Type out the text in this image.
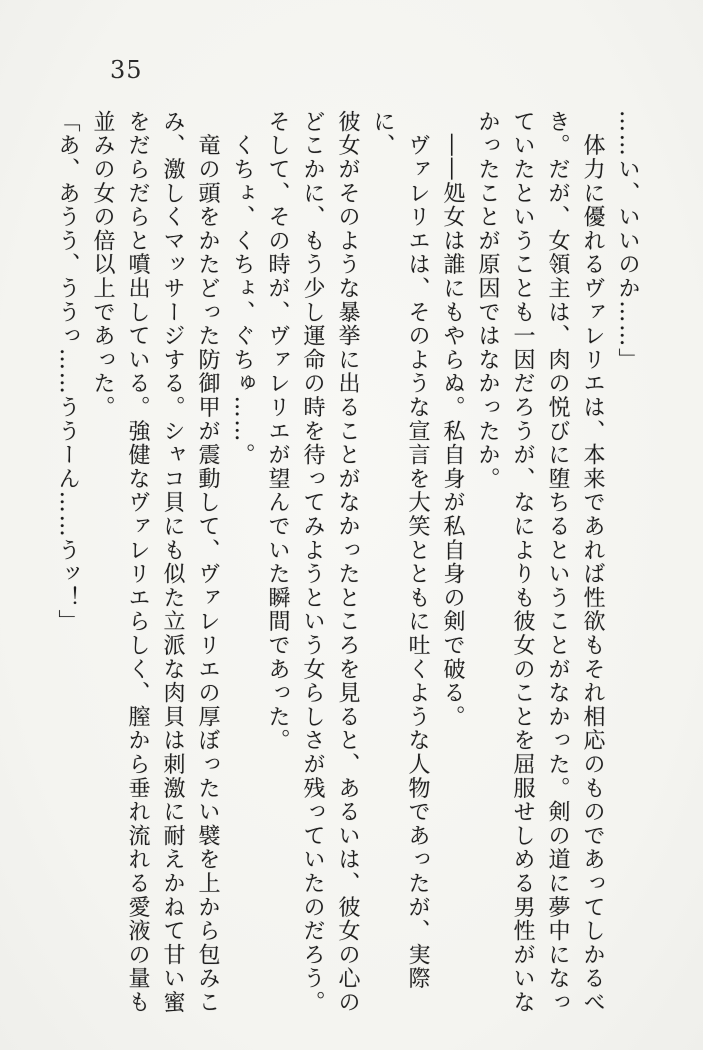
35

……い、いいのか……」

　体力に優れるヴァレリエは、本来であれば性欲もそれ相応のものであってしかるべ

き。だが、女領主は、肉の悦びに堕ちるということがなかった。剣の道に夢中になっ

ていたということも一因だろうが、なによりも彼女のことを屈服せしめる男性がいな

かったことが原因ではなかったか。

　――処女は誰にもやらぬ。私自身が私自身の剣で破る。

　ヴァレリエは、そのような宣言を大笑とともに吐くような人物であったが、実際に、

彼女がそのような暴挙に出ることがなかったところを見ると、あるいは、彼女の心の

どこかに、もう少し運命の時を待ってみようという女らしさが残っていたのだろう。

そして、その時が、ヴァレリエが望んでいた瞬間であった。

　くちょ、くちょ、ぐちゅ……。

　竜の頭をかたどった防御甲が震動して、ヴァレリエの厚ぼったい襞を上から包みこ

み、激しくマッサージする。シャコ貝にも似た立派な肉貝は刺激に耐えかねて甘い蜜

をだらだらと噴出している。強健なヴァレリエらしく、膣から垂れ流れる愛液の量も

並みの女の倍以上であった。

「あ、あうう、ううっ……ううーん……うッ！」
